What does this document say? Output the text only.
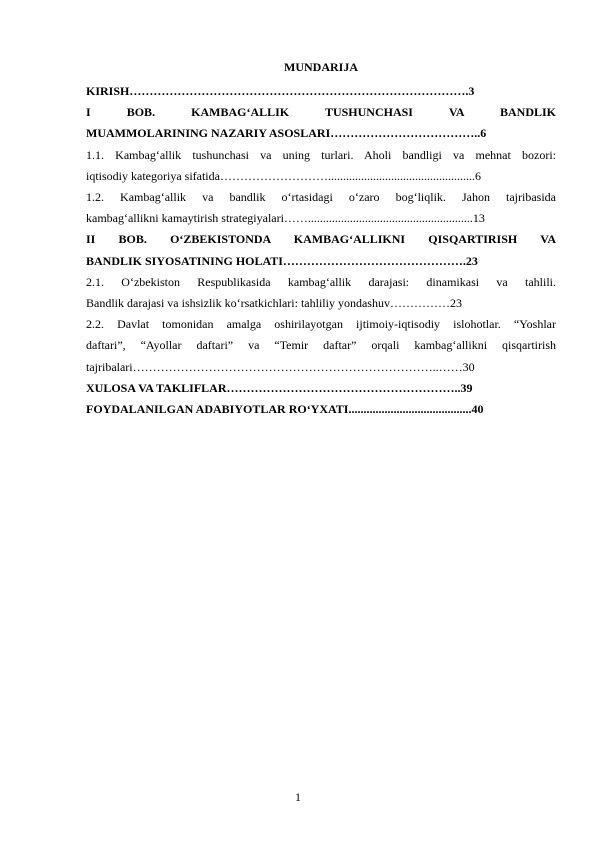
MUNDARIJA
KIRISH………………………………………………………………………….3
I BOB. KAMBAG‘ALLIK TUSHUNCHASI VA BANDLIK
MUAMMOLARINING NAZARIY ASOSLARI………………………………..6
1.1. Kambag‘allik tushunchasi va uning turlari. Aholi bandligi va mehnat bozori:
iqtisodiy kategoriya sifatida……………………….................................................6
1.2. Kambag‘allik va bandlik o‘rtasidagi o‘zaro bog‘liqlik. Jahon tajribasida
kambag‘allikni kamaytirish strategiyalari…….......................................................13
II BOB. O‘ZBEKISTONDA KAMBAG‘ALLIKNI QISQARTIRISH VA
BANDLIK SIYOSATINING HOLATI……………………………………….23
2.1. O‘zbekiston Respublikasida kambag‘allik darajasi: dinamikasi va tahlili.
Bandlik darajasi va ishsizlik ko‘rsatkichlari: tahliliy yondashuv……………23
2.2. Davlat tomonidan amalga oshirilayotgan ijtimoiy-iqtisodiy islohotlar. “Yoshlar
daftari”, “Ayollar daftari” va “Temir daftar” orqali kambag‘allikni qisqartirish
tajribalari…………………………………………………………………..……30
XULOSA VA TAKLIFLAR…………………………………………………..39
FOYDALANILGAN ADABIYOTLAR RO‘YXATI.........................................40
1
